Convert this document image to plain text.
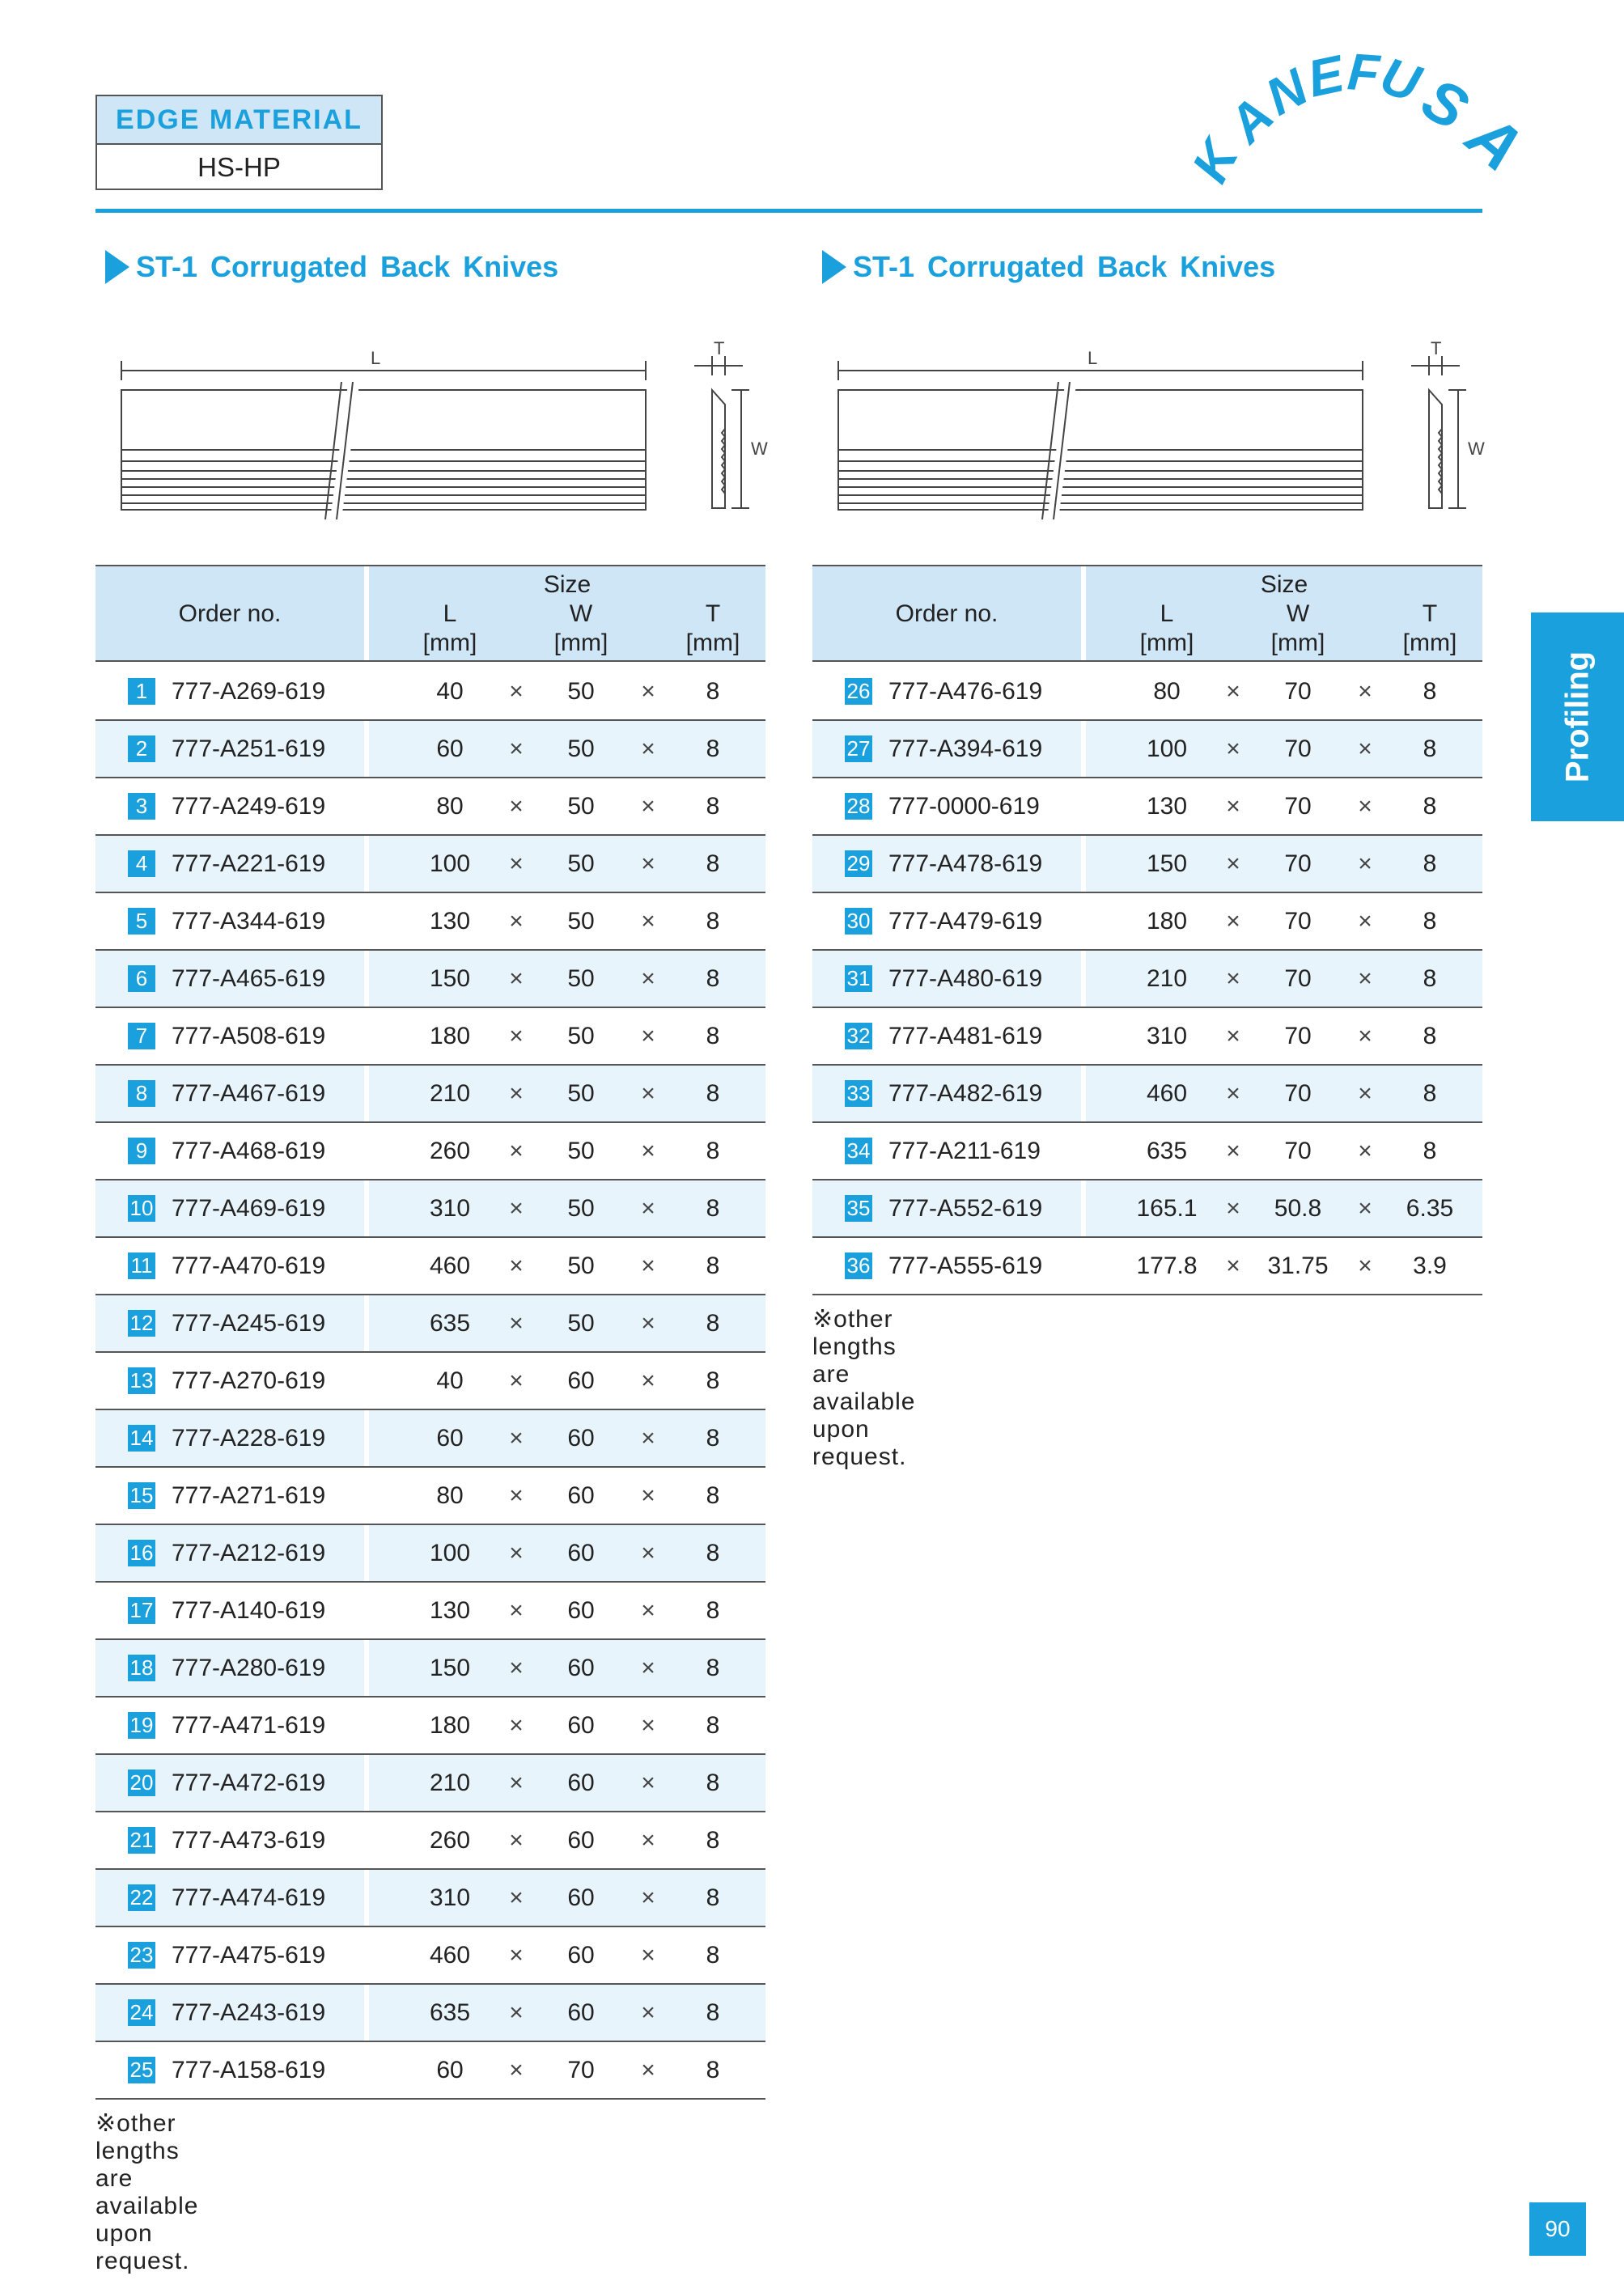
EDGE MATERIAL
HS-HP	K
A
N
E
F
U
S
A
ST-1 Corrugated Back Knives	ST-1 Corrugated Back Knives
L	T
W
L	T
W
Order no.
Size
L	W	T
[mm]	[mm]	[mm]
1 777-A269-619	40	×	50	×	8
2 777-A251-619	60	×	50	×	8
3 777-A249-619	80	×	50	×	8
4 777-A221-619	100	×	50	×	8
5 777-A344-619	130	×	50	×	8
6 777-A465-619	150	×	50	×	8
7 777-A508-619	180	×	50	×	8
8 777-A467-619	210	×	50	×	8
9 777-A468-619	260	×	50	×	8
10 777-A469-619	310	×	50	×	8
11 777-A470-619	460	×	50	×	8
12 777-A245-619	635	×	50	×	8
13 777-A270-619	40	×	60	×	8
14 777-A228-619	60	×	60	×	8
15 777-A271-619	80	×	60	×	8
16 777-A212-619	100	×	60	×	8
17 777-A140-619	130	×	60	×	8
18 777-A280-619	150	×	60	×	8
19 777-A471-619	180	×	60	×	8
20 777-A472-619	210	×	60	×	8
21 777-A473-619	260	×	60	×	8
22 777-A474-619	310	×	60	×	8
23 777-A475-619	460	×	60	×	8
24 777-A243-619	635	×	60	×	8
25 777-A158-619	60	×	70	×	8
※other lengths are available upon request.
Order no.
Size
L	W	T
[mm]	[mm]	[mm]
26 777-A476-619	80	×	70	×	8
27 777-A394-619	100	×	70	×	8
28 777-0000-619	130	×	70	×	8
29 777-A478-619	150	×	70	×	8
30 777-A479-619	180	×	70	×	8
31 777-A480-619	210	×	70	×	8
32 777-A481-619	310	×	70	×	8
33 777-A482-619	460	×	70	×	8
34 777-A211-619	635	×	70	×	8
35 777-A552-619	165.1	×	50.8	×	6.35
36 777-A555-619	177.8	×	31.75	×	3.9
※other lengths are available upon request.
Profiling
90
